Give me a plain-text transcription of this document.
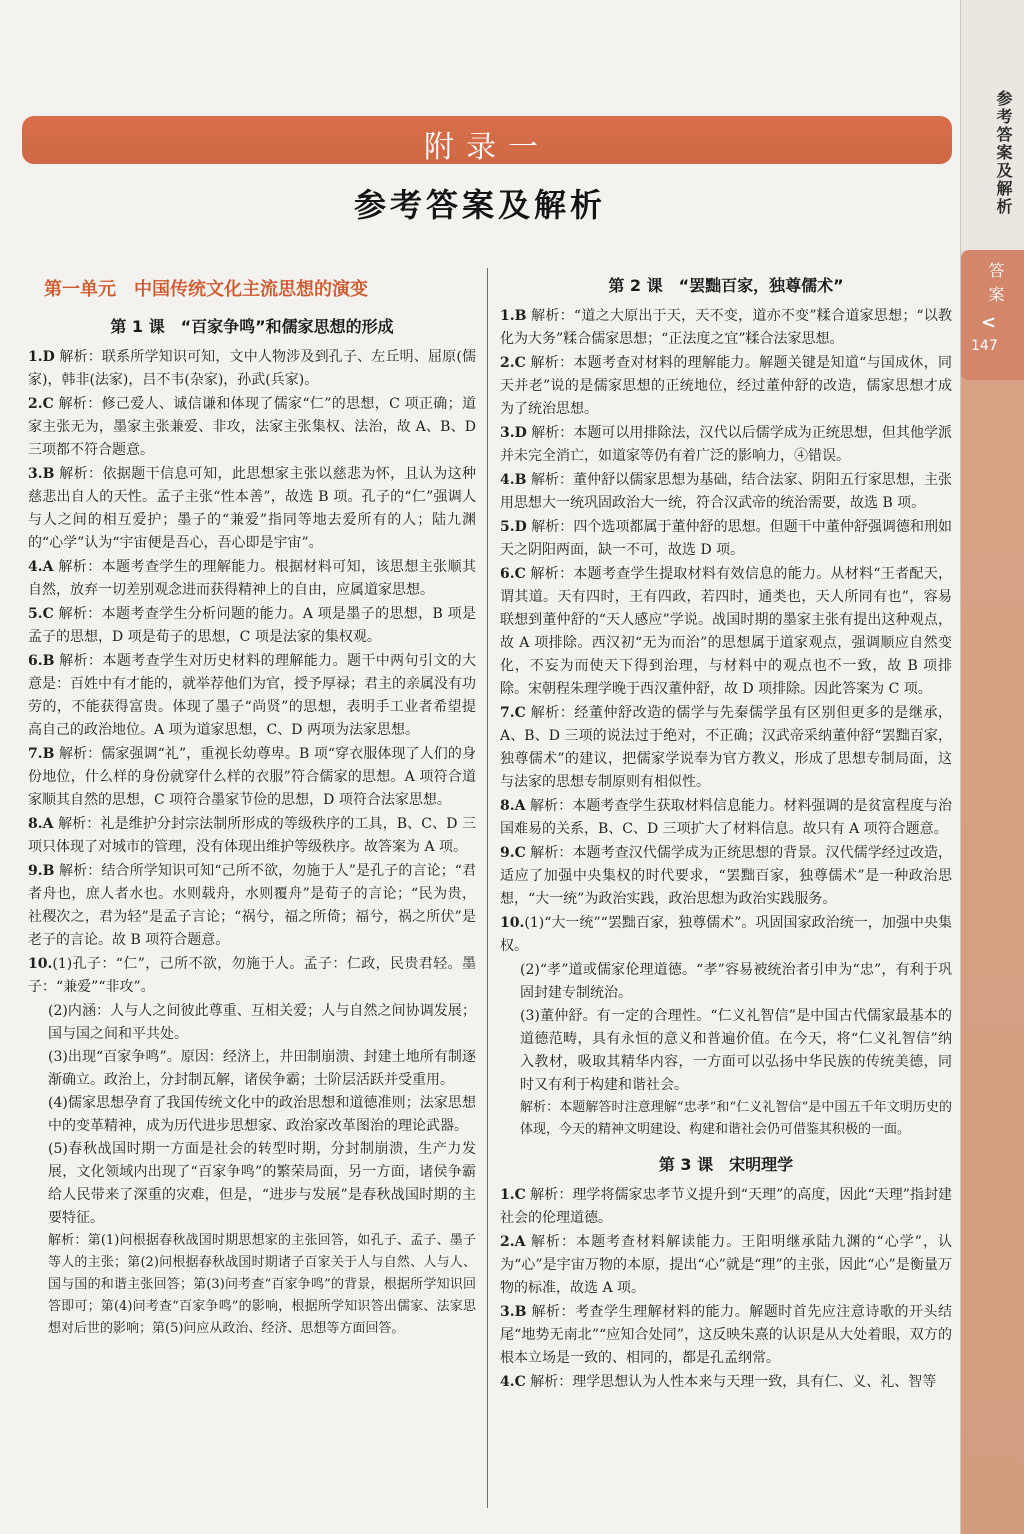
附录一
参考答案及解析
第一单元　中国传统文化主流思想的演变
第 1 课　“百家争鸣”和儒家思想的形成
1.D 解析：联系所学知识可知，文中人物涉及到孔子、左丘明、屈原(儒家)，韩非(法家)，吕不韦(杂家)，孙武(兵家)。
2.C 解析：修己爱人、诚信谦和体现了儒家“仁”的思想，C 项正确；道家主张无为，墨家主张兼爱、非攻，法家主张集权、法治，故 A、B、D 三项都不符合题意。
3.B 解析：依据题干信息可知，此思想家主张以慈悲为怀，且认为这种慈悲出自人的天性。孟子主张“性本善”，故选 B 项。孔子的“仁”强调人与人之间的相互爱护；墨子的“兼爱”指同等地去爱所有的人；陆九渊的“心学”认为“宇宙便是吾心，吾心即是宇宙”。
4.A 解析：本题考查学生的理解能力。根据材料可知，该思想主张顺其自然，放弃一切差别观念进而获得精神上的自由，应属道家思想。
5.C 解析：本题考查学生分析问题的能力。A 项是墨子的思想，B 项是孟子的思想，D 项是荀子的思想，C 项是法家的集权观。
6.B 解析：本题考查学生对历史材料的理解能力。题干中两句引文的大意是：百姓中有才能的，就举荐他们为官，授予厚禄；君主的亲属没有功劳的，不能获得富贵。体现了墨子“尚贤”的思想，表明手工业者希望提高自己的政治地位。A 项为道家思想，C、D 两项为法家思想。
7.B 解析：儒家强调“礼”，重视长幼尊卑。B 项“穿衣服体现了人们的身份地位，什么样的身份就穿什么样的衣服”符合儒家的思想。A 项符合道家顺其自然的思想，C 项符合墨家节俭的思想，D 项符合法家思想。
8.A 解析：礼是维护分封宗法制所形成的等级秩序的工具，B、C、D 三项只体现了对城市的管理，没有体现出维护等级秩序。故答案为 A 项。
9.B 解析：结合所学知识可知“己所不欲，勿施于人”是孔子的言论；“君者舟也，庶人者水也。水则载舟，水则覆舟”是荀子的言论；“民为贵，社稷次之，君为轻”是孟子言论；“祸兮，福之所倚；福兮，祸之所伏”是老子的言论。故 B 项符合题意。
10.(1)孔子：“仁”，己所不欲，勿施于人。孟子：仁政，民贵君轻。墨子：“兼爱”“非攻”。
(2)内涵：人与人之间彼此尊重、互相关爱；人与自然之间协调发展；国与国之间和平共处。
(3)出现“百家争鸣”。原因：经济上，井田制崩溃、封建土地所有制逐渐确立。政治上，分封制瓦解，诸侯争霸；士阶层活跃并受重用。
(4)儒家思想孕育了我国传统文化中的政治思想和道德准则；法家思想中的变革精神，成为历代进步思想家、政治家改革图治的理论武器。
(5)春秋战国时期一方面是社会的转型时期，分封制崩溃，生产力发展，文化领域内出现了“百家争鸣”的繁荣局面，另一方面，诸侯争霸给人民带来了深重的灾难，但是，“进步与发展”是春秋战国时期的主要特征。
解析：第(1)问根据春秋战国时期思想家的主张回答，如孔子、孟子、墨子等人的主张；第(2)问根据春秋战国时期诸子百家关于人与自然、人与人、国与国的和谐主张回答；第(3)问考查“百家争鸣”的背景，根据所学知识回答即可；第(4)问考查“百家争鸣”的影响，根据所学知识答出儒家、法家思想对后世的影响；第(5)问应从政治、经济、思想等方面回答。
第 2 课　“罢黜百家，独尊儒术”
1.B 解析：“道之大原出于天，天不变，道亦不变”糅合道家思想；“以教化为大务”糅合儒家思想；“正法度之宜”糅合法家思想。
2.C 解析：本题考查对材料的理解能力。解题关键是知道“与国成休，同天并老”说的是儒家思想的正统地位，经过董仲舒的改造，儒家思想才成为了统治思想。
3.D 解析：本题可以用排除法，汉代以后儒学成为正统思想，但其他学派并未完全消亡，如道家等仍有着广泛的影响力，④错误。
4.B 解析：董仲舒以儒家思想为基础，结合法家、阴阳五行家思想，主张用思想大一统巩固政治大一统，符合汉武帝的统治需要，故选 B 项。
5.D 解析：四个选项都属于董仲舒的思想。但题干中董仲舒强调德和刑如天之阴阳两面，缺一不可，故选 D 项。
6.C 解析：本题考查学生提取材料有效信息的能力。从材料“王者配天，谓其道。天有四时，王有四政，若四时，通类也，天人所同有也”，容易联想到董仲舒的“天人感应”学说。战国时期的墨家主张有提出这种观点，故 A 项排除。西汉初“无为而治”的思想属于道家观点，强调顺应自然变化，不妄为而使天下得到治理，与材料中的观点也不一致，故 B 项排除。宋朝程朱理学晚于西汉董仲舒，故 D 项排除。因此答案为 C 项。
7.C 解析：经董仲舒改造的儒学与先秦儒学虽有区别但更多的是继承，A、B、D 三项的说法过于绝对，不正确；汉武帝采纳董仲舒“罢黜百家，独尊儒术”的建议，把儒家学说奉为官方教义，形成了思想专制局面，这与法家的思想专制原则有相似性。
8.A 解析：本题考查学生获取材料信息能力。材料强调的是贫富程度与治国难易的关系，B、C、D 三项扩大了材料信息。故只有 A 项符合题意。
9.C 解析：本题考查汉代儒学成为正统思想的背景。汉代儒学经过改造，适应了加强中央集权的时代要求，“罢黜百家，独尊儒术”是一种政治思想，“大一统”为政治实践，政治思想为政治实践服务。
10.(1)“大一统”“罢黜百家，独尊儒术”。巩固国家政治统一，加强中央集权。
(2)“孝”道或儒家伦理道德。“孝”容易被统治者引申为“忠”，有利于巩固封建专制统治。
(3)董仲舒。有一定的合理性。“仁义礼智信”是中国古代儒家最基本的道德范畴，具有永恒的意义和普遍价值。在今天，将“仁义礼智信”纳入教材，吸取其精华内容，一方面可以弘扬中华民族的传统美德，同时又有利于构建和谐社会。
解析：本题解答时注意理解“忠孝”和“仁义礼智信”是中国五千年文明历史的体现，今天的精神文明建设、构建和谐社会仍可借鉴其积极的一面。
第 3 课　宋明理学
1.C 解析：理学将儒家忠孝节义提升到“天理”的高度，因此“天理”指封建社会的伦理道德。
2.A 解析：本题考查材料解读能力。王阳明继承陆九渊的“心学”，认为“心”是宇宙万物的本原，提出“心”就是“理”的主张，因此“心”是衡量万物的标准，故选 A 项。
3.B 解析：考查学生理解材料的能力。解题时首先应注意诗歌的开头结尾“地势无南北”“应知合处同”，这反映朱熹的认识是从大处着眼，双方的根本立场是一致的、相同的，都是孔孟纲常。
4.C 解析：理学思想认为人性本来与天理一致，具有仁、义、礼、智等
参考答案及解析
答案
<
147
